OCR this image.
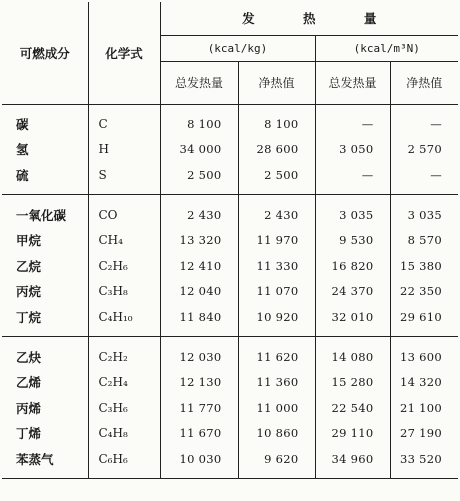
可燃成分	化学式	发 热 量			
		(kcal/kg)		(kcal/m³N)	
		总发热量	净热值	总发热量	净热值

碳	C	8 100	8 100	—	—
氢	H	34 000	28 600	3 050	2 570
硫	S	2 500	2 500	—	—

一氧化碳	CO	2 430	2 430	3 035	3 035
甲烷	CH₄	13 320	11 970	9 530	8 570
乙烷	C₂H₆	12 410	11 330	16 820	15 380
丙烷	C₃H₈	12 040	11 070	24 370	22 350
丁烷	C₄H₁₀	11 840	10 920	32 010	29 610

乙炔	C₂H₂	12 030	11 620	14 080	13 600
乙烯	C₂H₄	12 130	11 360	15 280	14 320
丙烯	C₃H₆	11 770	11 000	22 540	21 100
丁烯	C₄H₈	11 670	10 860	29 110	27 190
苯蒸气	C₆H₆	10 030	9 620	34 960	33 520
